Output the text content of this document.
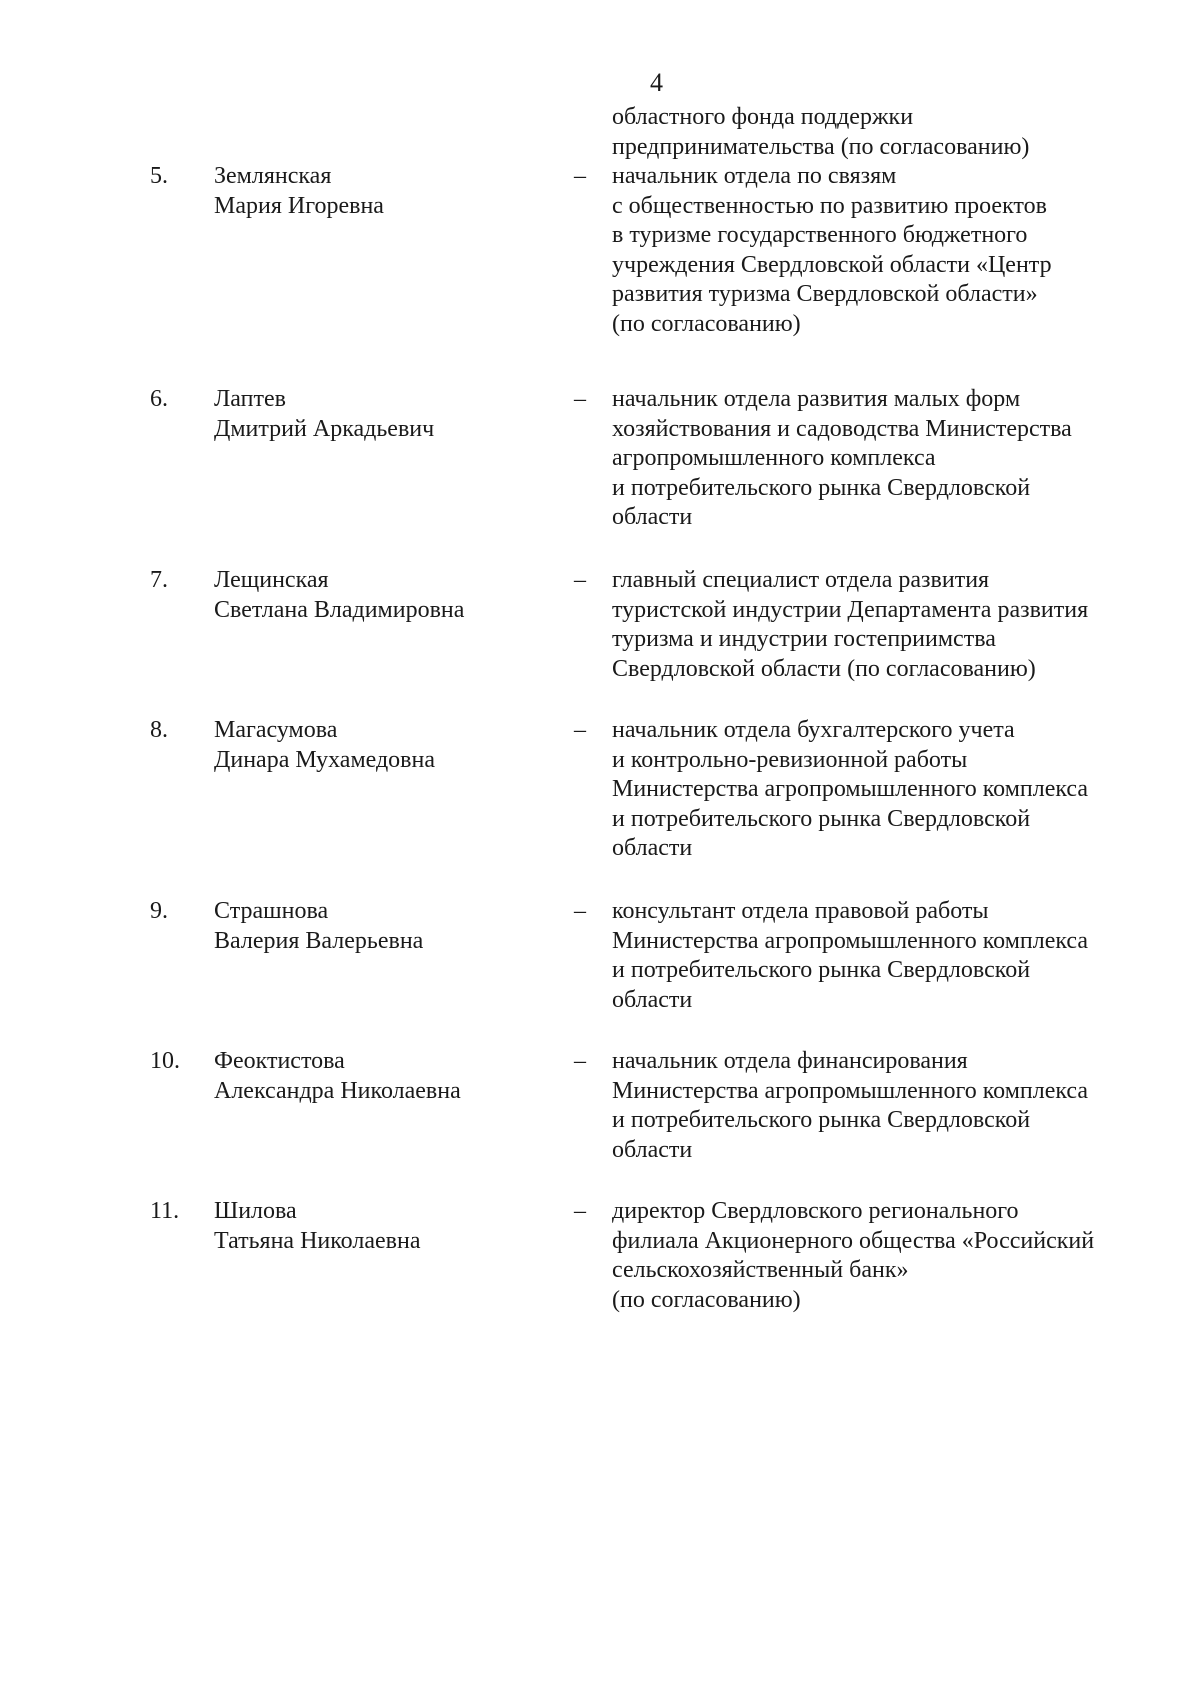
4
областного фонда поддержки
предпринимательства (по согласованию)
5.	Землянская
Мария Игоревна
– начальник отдела по связям
с общественностью по развитию проектов
в туризме государственного бюджетного
учреждения Свердловской области «Центр
развития туризма Свердловской области»
(по согласованию)
6.	Лаптев
Дмитрий Аркадьевич
– начальник отдела развития малых форм
хозяйствования и садоводства Министерства
агропромышленного комплекса
и потребительского рынка Свердловской
области
7.	Лещинская
Светлана Владимировна
– главный специалист отдела развития
туристской индустрии Департамента развития
туризма и индустрии гостеприимства
Свердловской области (по согласованию)
8.	Магасумова
Динара Мухамедовна
– начальник отдела бухгалтерского учета
и контрольно-ревизионной работы
Министерства агропромышленного комплекса
и потребительского рынка Свердловской
области
9.	Страшнова
Валерия Валерьевна
– консультант отдела правовой работы
Министерства агропромышленного комплекса
и потребительского рынка Свердловской
области
10.	Феоктистова
Александра Николаевна
– начальник отдела финансирования
Министерства агропромышленного комплекса
и потребительского рынка Свердловской
области
11.	Шилова
Татьяна Николаевна
– директор Свердловского регионального
филиала Акционерного общества «Российский
сельскохозяйственный банк»
(по согласованию)
